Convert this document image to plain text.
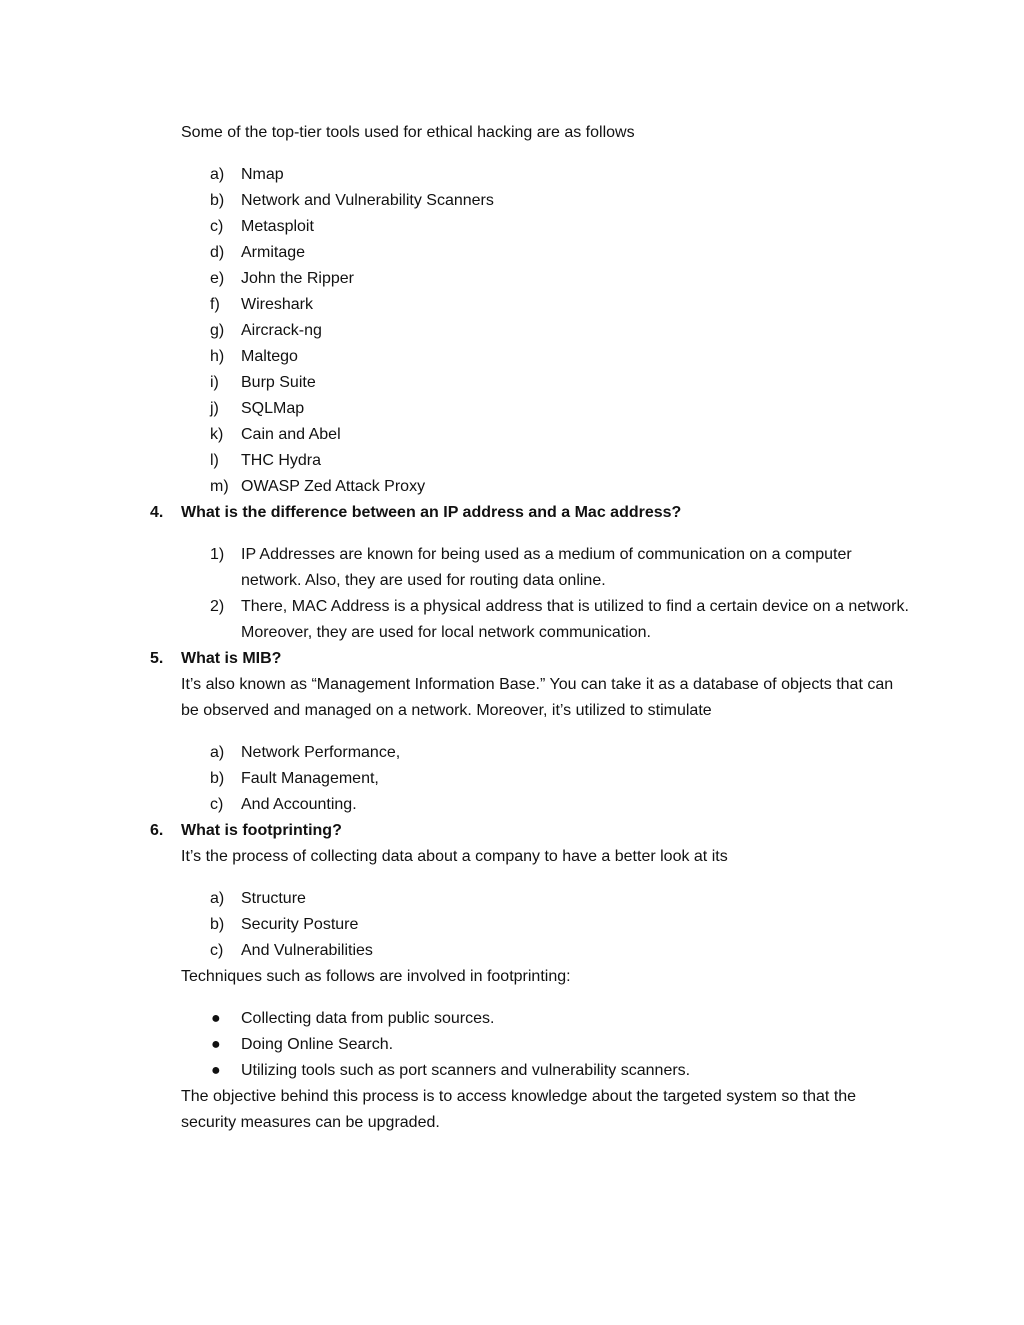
Some of the top-tier tools used for ethical hacking are as follows

a)	Nmap
b)	Network and Vulnerability Scanners
c)	Metasploit
d)	Armitage
e)	John the Ripper
f)	Wireshark
g)	Aircrack-ng
h)	Maltego
i)	Burp Suite
j)	SQLMap
k)	Cain and Abel
l)	THC Hydra
m) OWASP Zed Attack Proxy
4. What is the difference between an IP address and a Mac address?
1)	IP Addresses are known for being used as a medium of communication on a computer network. Also, they are used for routing data online.
2)	There, MAC Address is a physical address that is utilized to find a certain device on a network. Moreover, they are used for local network communication.
5. What is MIB?

It’s also known as “Management Information Base.” You can take it as a database of objects that can be observed and managed on a network. Moreover, it’s utilized to stimulate

a)	Network Performance,
b)	Fault Management,
c)	And Accounting.
6. What is footprinting?

It’s the process of collecting data about a company to have a better look at its

a)	Structure
b)	Security Posture
c)	And Vulnerabilities

Techniques such as follows are involved in footprinting:

● Collecting data from public sources.
● Doing Online Search.
● Utilizing tools such as port scanners and vulnerability scanners.

The objective behind this process is to access knowledge about the targeted system so that the security measures can be upgraded.
